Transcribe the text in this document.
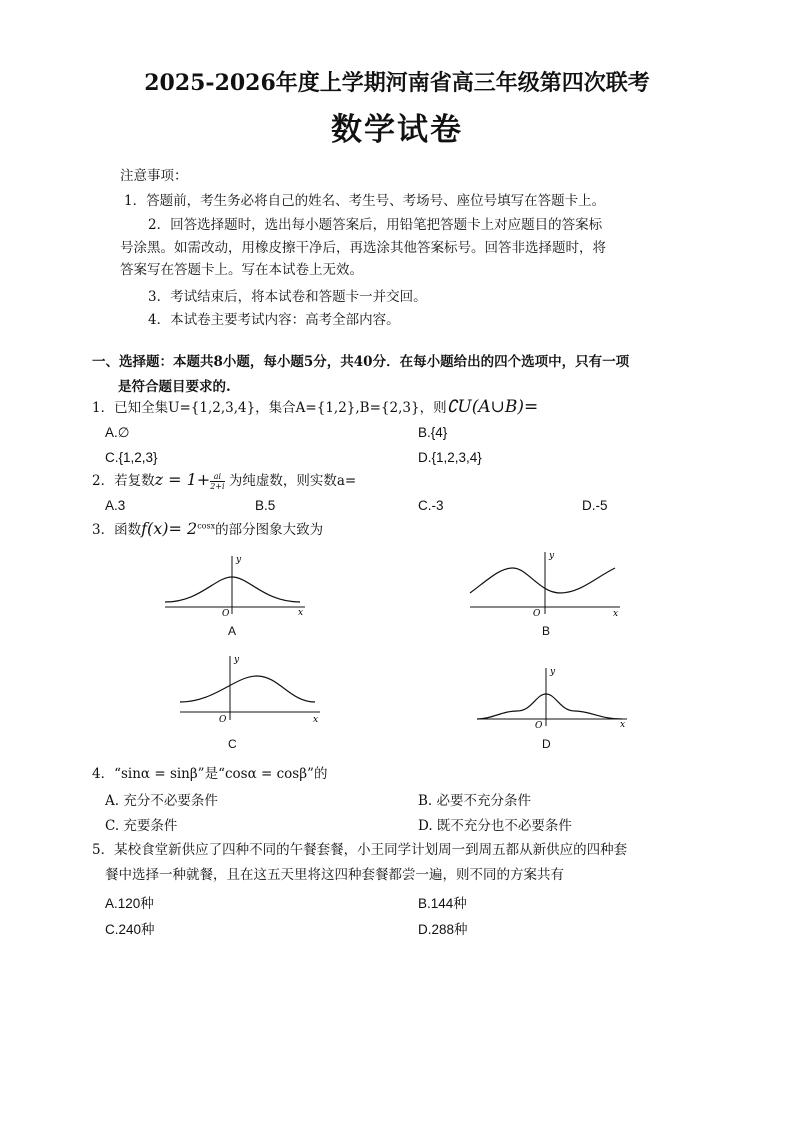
2025-2026年度上学期河南省高三年级第四次联考
数学试卷
注意事项：
1．答题前，考生务必将自己的姓名、考生号、考场号、座位号填写在答题卡上。
2．回答选择题时，选出每小题答案后，用铅笔把答题卡上对应题目的答案标
号涂黑。如需改动，用橡皮擦干净后，再选涂其他答案标号。回答非选择题时，将
答案写在答题卡上。写在本试卷上无效。
3．考试结束后，将本试卷和答题卡一并交回。
4．本试卷主要考试内容：高考全部内容。
一、选择题：本题共8小题，每小题5分，共40分．在每小题给出的四个选项中，只有一项
是符合题目要求的.
1．已知全集U={1,2,3,4}，集合A={1,2},B={2,3}，则∁U(A∪B)=
A.∅	B.{4}
C.{1,2,3}	D.{1,2,3,4}
2．若复数$z = 1+ \frac{ai}{2+i}$ 为纯虚数，则实数a=
A.3	B.5	C.-3	D.-5
3．函数$f(x)= 2^{cosx}$的部分图象大致为
y
O	x
A
y
O	x
B
y
O	x
C
y
O	x
D
4．“sinα = sinβ”是“cosα = cosβ”的
A. 充分不必要条件	B. 必要不充分条件
C. 充要条件	D. 既不充分也不必要条件
5．某校食堂新供应了四种不同的午餐套餐，小王同学计划周一到周五都从新供应的四种套
餐中选择一种就餐，且在这五天里将这四种套餐都尝一遍，则不同的方案共有
A.120种	B.144种
C.240种	D.288种
